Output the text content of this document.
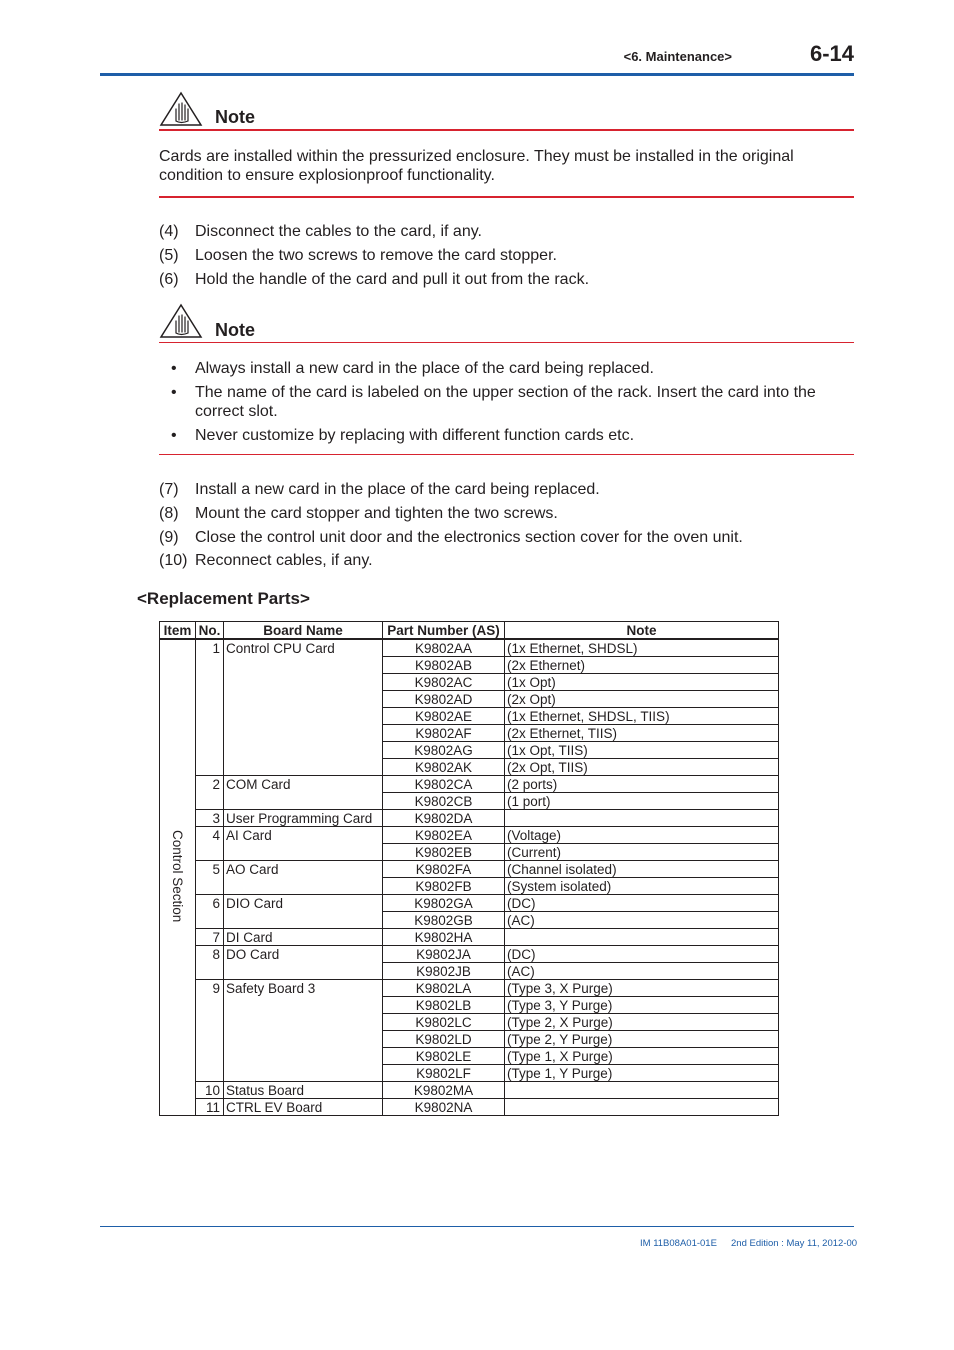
<6. Maintenance>	6-14
Note
Cards are installed within the pressurized enclosure. They must be installed in the original condition to ensure explosionproof functionality.
(4) Disconnect the cables to the card, if any.
(5) Loosen the two screws to remove the card stopper.
(6) Hold the handle of the card and pull it out from the rack.
Note
• Always install a new card in the place of the card being replaced.
• The name of the card is labeled on the upper section of the rack. Insert the card into the correct slot.
• Never customize by replacing with different function cards etc.
(7) Install a new card in the place of the card being replaced.
(8) Mount the card stopper and tighten the two screws.
(9) Close the control unit door and the electronics section cover for the oven unit.
(10) Reconnect cables, if any.
<Replacement Parts>
Item	No.	Board Name	Part Number (AS)	Note
Control Section	1	Control CPU Card	K9802AA	(1x Ethernet, SHDSL)
			K9802AB	(2x Ethernet)
			K9802AC	(1x Opt)
			K9802AD	(2x Opt)
			K9802AE	(1x Ethernet, SHDSL, TIIS)
			K9802AF	(2x Ethernet, TIIS)
			K9802AG	(1x Opt, TIIS)
			K9802AK	(2x Opt, TIIS)
	2	COM Card	K9802CA	(2 ports)
			K9802CB	(1 port)
	3	User Programming Card	K9802DA	
	4	AI Card	K9802EA	(Voltage)
			K9802EB	(Current)
	5	AO Card	K9802FA	(Channel isolated)
			K9802FB	(System isolated)
	6	DIO Card	K9802GA	(DC)
			K9802GB	(AC)
	7	DI Card	K9802HA	
	8	DO Card	K9802JA	(DC)
			K9802JB	(AC)
	9	Safety Board 3	K9802LA	(Type 3, X Purge)
			K9802LB	(Type 3, Y Purge)
			K9802LC	(Type 2, X Purge)
			K9802LD	(Type 2, Y Purge)
			K9802LE	(Type 1, X Purge)
			K9802LF	(Type 1, Y Purge)
	10	Status Board	K9802MA	
	11	CTRL EV Board	K9802NA	
IM 11B08A01-01E 2nd Edition : May 11, 2012-00
